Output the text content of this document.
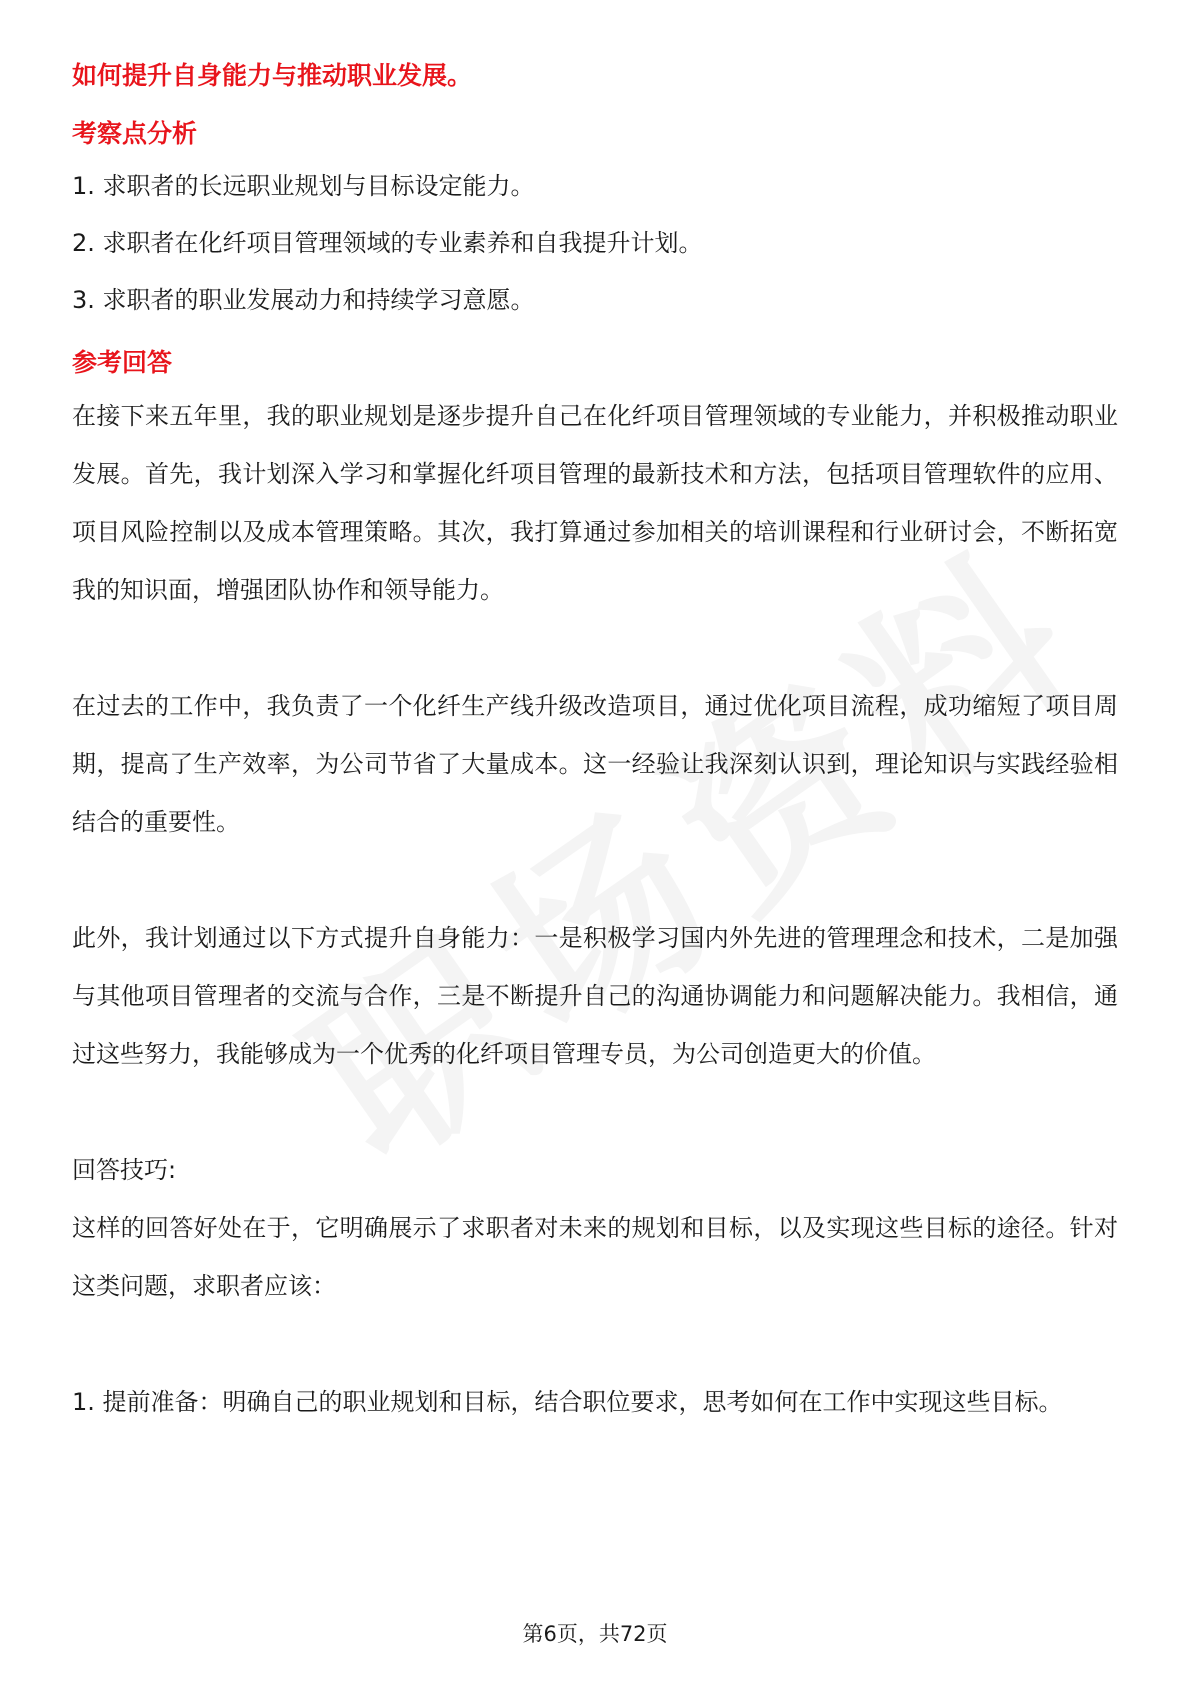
如何提升自身能力与推动职业发展。
考察点分析

1. 求职者的长远职业规划与目标设定能力。

2. 求职者在化纤项目管理领域的专业素养和自我提升计划。

3. 求职者的职业发展动力和持续学习意愿。

参考回答

在接下来五年里，我的职业规划是逐步提升自己在化纤项目管理领域的专业能力，并积极推动职业发展。首先，我计划深入学习和掌握化纤项目管理的最新技术和方法，包括项目管理软件的应用、项目风险控制以及成本管理策略。其次，我打算通过参加相关的培训课程和行业研讨会，不断拓宽我的知识面，增强团队协作和领导能力。

在过去的工作中，我负责了一个化纤生产线升级改造项目，通过优化项目流程，成功缩短了项目周期，提高了生产效率，为公司节省了大量成本。这一经验让我深刻认识到，理论知识与实践经验相结合的重要性。

此外，我计划通过以下方式提升自身能力：一是积极学习国内外先进的管理理念和技术，二是加强与其他项目管理者的交流与合作，三是不断提升自己的沟通协调能力和问题解决能力。我相信，通过这些努力，我能够成为一个优秀的化纤项目管理专员，为公司创造更大的价值。

回答技巧:

这样的回答好处在于，它明确展示了求职者对未来的规划和目标，以及实现这些目标的途径。针对这类问题，求职者应该：

1. 提前准备：明确自己的职业规划和目标，结合职位要求，思考如何在工作中实现这些目标。

第6页，共72页
